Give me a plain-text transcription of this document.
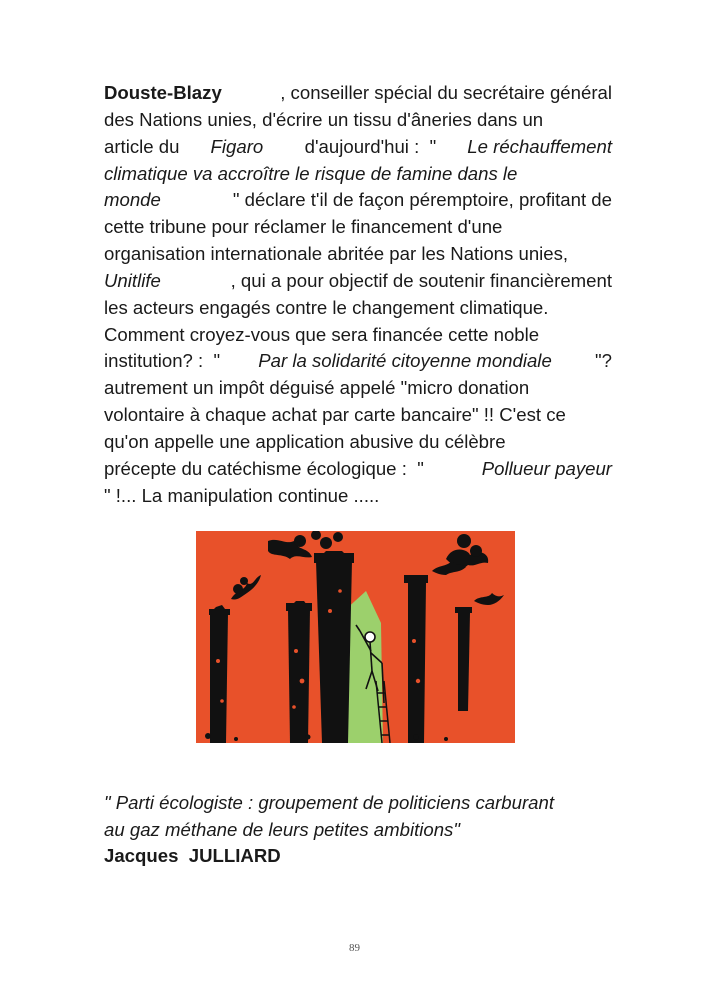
Douste-Blazy	, conseiller spécial du secrétaire général
des Nations unies, d'écrire un tissu d'âneries dans un
article du Figaro d'aujourd'hui :  " Le réchauffement
climatique va accroître le risque de famine dans le
monde	" déclare t'il de façon péremptoire, profitant de
cette tribune pour réclamer le financement d'une
organisation internationale abritée par les Nations unies,
Unitlife	, qui a pour objectif de soutenir financièrement
les acteurs engagés contre le changement climatique.
Comment croyez-vous que sera financée cette noble
institution? :  " Par la solidarité citoyenne mondiale "?
autrement un impôt déguisé appelé "micro donation
volontaire à chaque achat par carte bancaire" !! C'est ce
qu'on appelle une application abusive du célèbre
précepte du catéchisme écologique :  "	Pollueur payeur
" !... La manipulation continue .....
" Parti écologiste : groupement de politiciens carburant
au gaz méthane de leurs petites ambitions"
Jacques  JULLIARD
89
